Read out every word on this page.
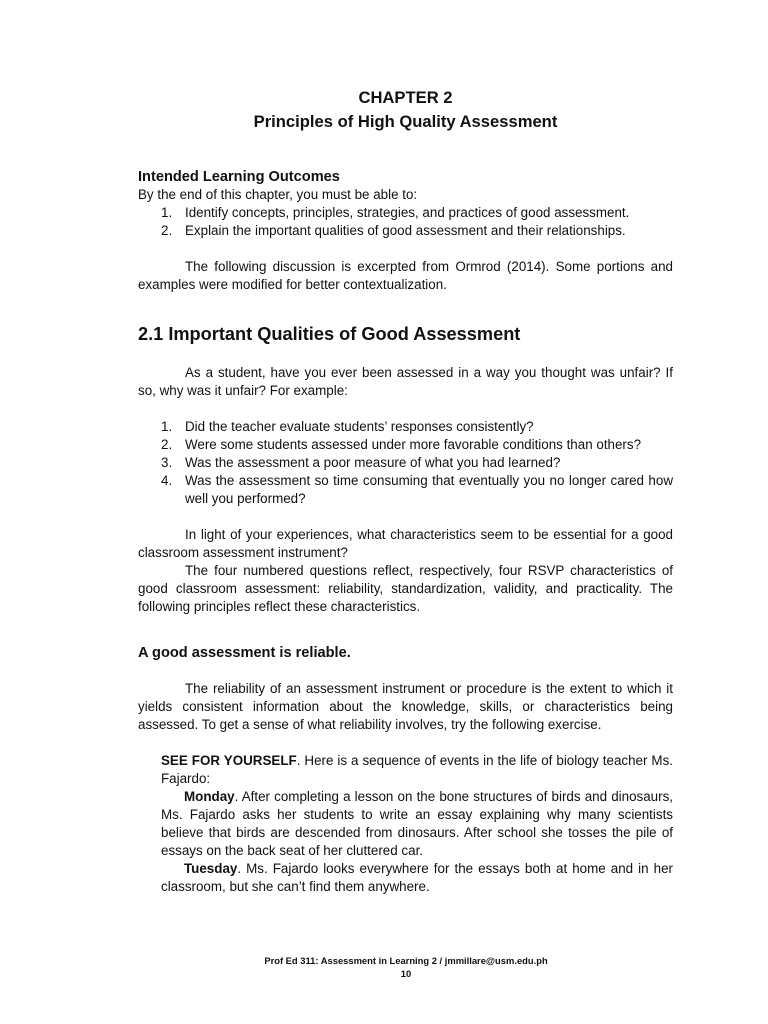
CHAPTER 2
Principles of High Quality Assessment
Intended Learning Outcomes
By the end of this chapter, you must be able to:
1. Identify concepts, principles, strategies, and practices of good assessment.
2. Explain the important qualities of good assessment and their relationships.

The following discussion is excerpted from Ormrod (2014). Some portions and examples were modified for better contextualization.

2.1 Important Qualities of Good Assessment

As a student, have you ever been assessed in a way you thought was unfair? If so, why was it unfair? For example:

1. Did the teacher evaluate students’ responses consistently?
2. Were some students assessed under more favorable conditions than others?
3. Was the assessment a poor measure of what you had learned?
4. Was the assessment so time consuming that eventually you no longer cared how well you performed?

In light of your experiences, what characteristics seem to be essential for a good classroom assessment instrument?

The four numbered questions reflect, respectively, four RSVP characteristics of good classroom assessment: reliability, standardization, validity, and practicality. The following principles reflect these characteristics.

A good assessment is reliable.

The reliability of an assessment instrument or procedure is the extent to which it yields consistent information about the knowledge, skills, or characteristics being assessed. To get a sense of what reliability involves, try the following exercise.

SEE FOR YOURSELF. Here is a sequence of events in the life of biology teacher Ms. Fajardo:

Monday. After completing a lesson on the bone structures of birds and dinosaurs, Ms. Fajardo asks her students to write an essay explaining why many scientists believe that birds are descended from dinosaurs. After school she tosses the pile of essays on the back seat of her cluttered car.

Tuesday. Ms. Fajardo looks everywhere for the essays both at home and in her classroom, but she can’t find them anywhere.

Prof Ed 311: Assessment in Learning 2 / jmmillare@usm.edu.ph
10
